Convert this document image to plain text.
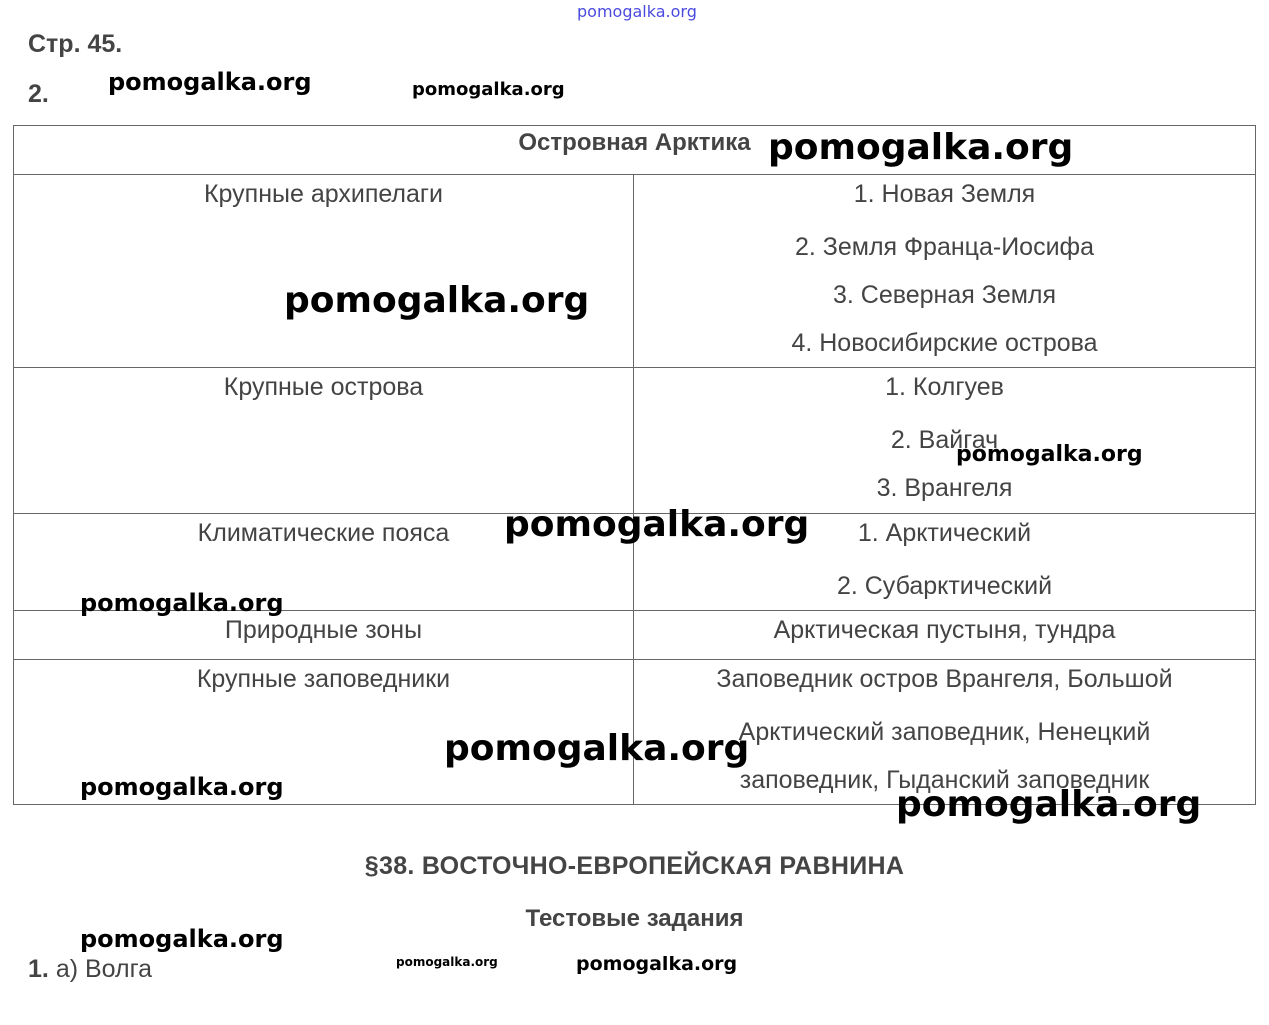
Стр. 45.
2.
Островная Арктика	

Крупные архипелаги	1. Новая Земля
2. Земля Франца-Иосифа
3. Северная Земля
4. Новосибирские острова

Крупные острова	1. Колгуев
2. Вайгач
3. Врангеля

Климатические пояса	1. Арктический
2. Субарктический

Природные зоны	Арктическая пустыня, тундра

Крупные заповедники	Заповедник остров Врангеля, Большой
Арктический заповедник, Ненецкий
заповедник, Гыданский заповедник
§38. ВОСТОЧНО-ЕВРОПЕЙСКАЯ РАВНИНА
Тестовые задания
1. а) Волга
pomogalka.org
pomogalka.org	pomogalka.org
pomogalka.org
pomogalka.org
pomogalka.org
pomogalka.org
pomogalka.org
pomogalka.org
pomogalka.org	pomogalka.org
pomogalka.org
pomogalka.org	pomogalka.org
